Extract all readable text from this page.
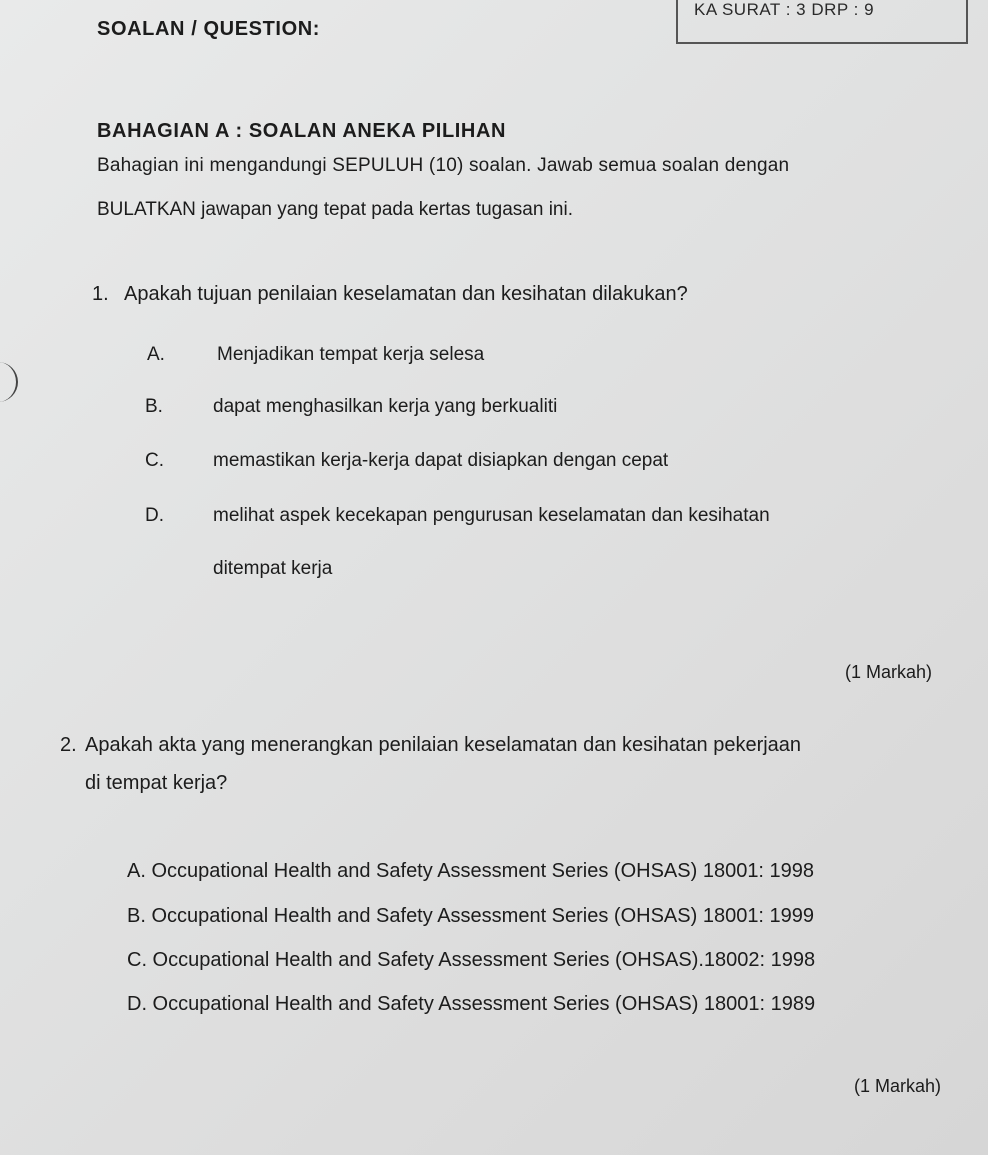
KA SURAT : 3 DRP : 9
SOALAN / QUESTION:
BAHAGIAN A : SOALAN ANEKA PILIHAN
Bahagian ini mengandungi SEPULUH (10) soalan. Jawab semua soalan dengan
BULATKAN jawapan yang tepat pada kertas tugasan ini.
1. Apakah tujuan penilaian keselamatan dan kesihatan dilakukan?
A.	Menjadikan tempat kerja selesa
B.	dapat menghasilkan kerja yang berkualiti
C.	memastikan kerja-kerja dapat disiapkan dengan cepat
D.	melihat aspek kecekapan pengurusan keselamatan dan kesihatan
ditempat kerja
(1 Markah)
2. Apakah akta yang menerangkan penilaian keselamatan dan kesihatan pekerjaan
di tempat kerja?
A. Occupational Health and Safety Assessment Series (OHSAS) 18001: 1998
B. Occupational Health and Safety Assessment Series (OHSAS) 18001: 1999
C. Occupational Health and Safety Assessment Series (OHSAS).18002: 1998
D. Occupational Health and Safety Assessment Series (OHSAS) 18001: 1989
(1 Markah)
